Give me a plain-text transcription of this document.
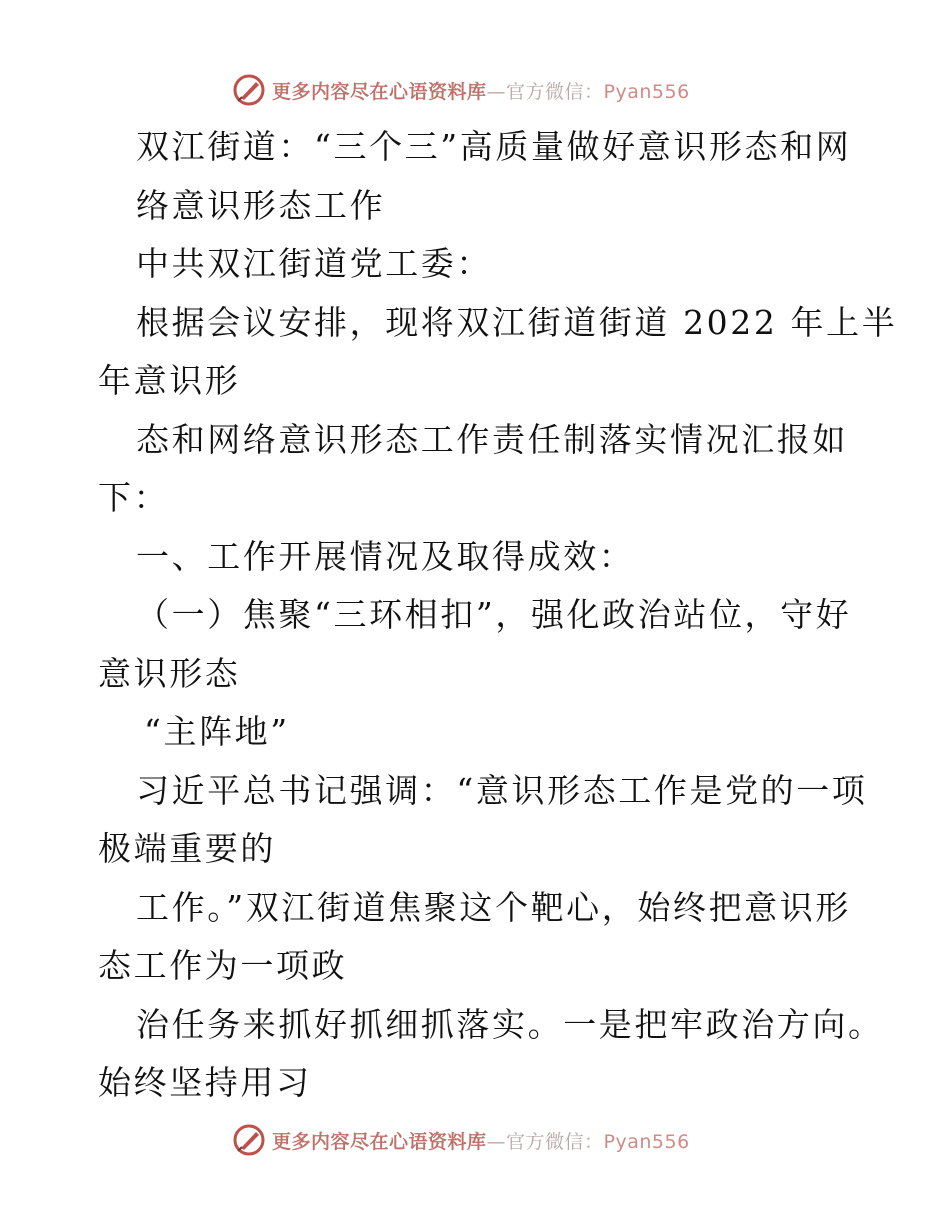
更多内容尽在心语资料库—官方微信：Pyan556
双江街道：“三个三”高质量做好意识形态和网
络意识形态工作
中共双江街道党工委：
根据会议安排，现将双江街道街道 2022 年上半
年意识形
态和网络意识形态工作责任制落实情况汇报如
下：
一、工作开展情况及取得成效：
（一）焦聚“三环相扣”，强化政治站位，守好
意识形态
“主阵地”
习近平总书记强调：“意识形态工作是党的一项
极端重要的
工作。”双江街道焦聚这个靶心，始终把意识形
态工作为一项政
治任务来抓好抓细抓落实。一是把牢政治方向。
始终坚持用习
更多内容尽在心语资料库—官方微信：Pyan556
